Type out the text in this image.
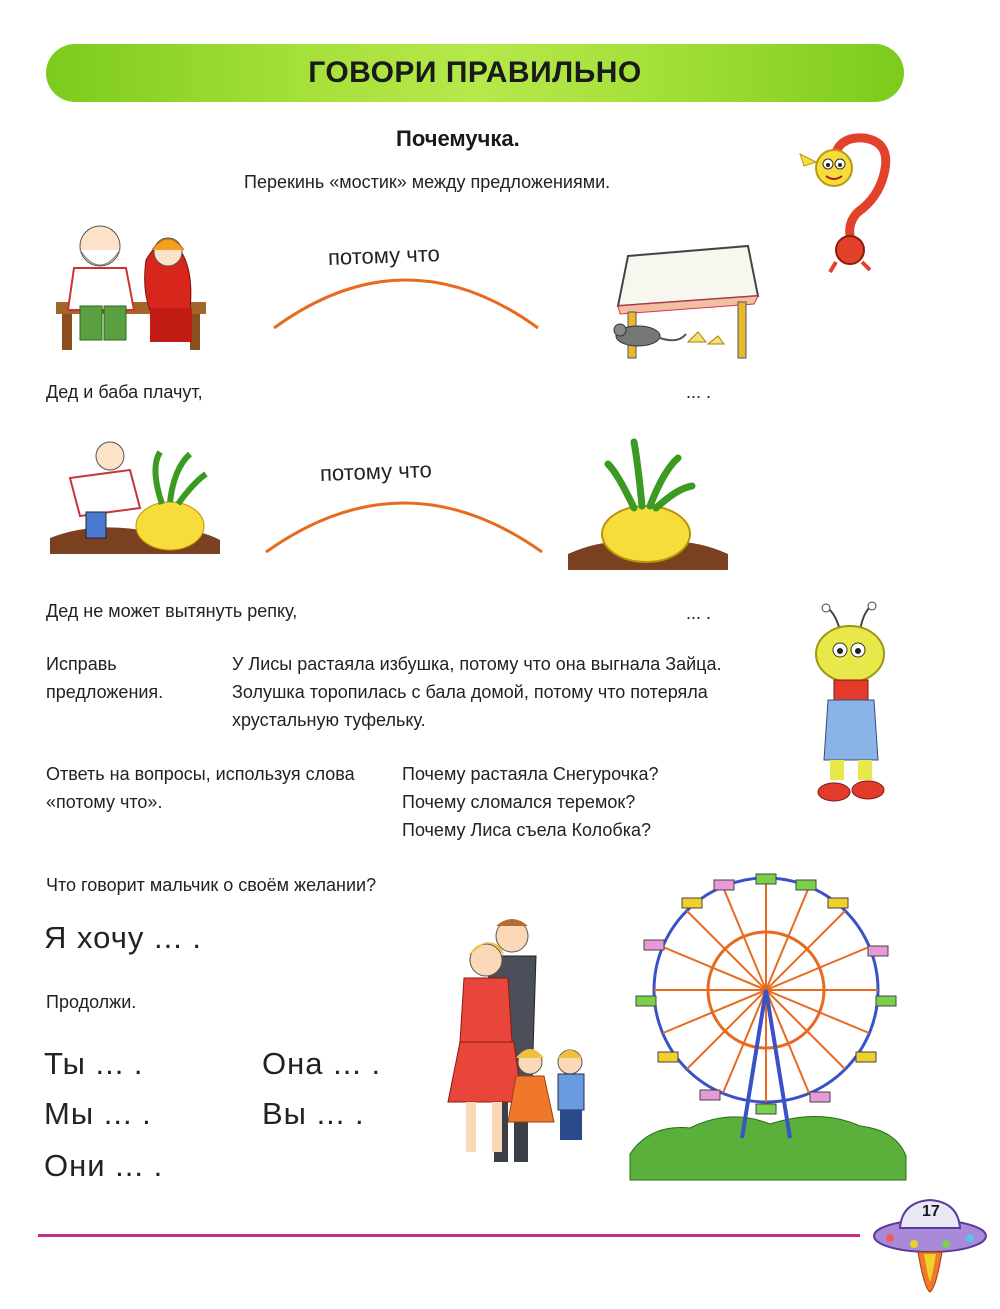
ГОВОРИ ПРАВИЛЬНО
Почемучка.
Перекинь «мостик» между предложениями.
потому что
Дед и баба плачут,	... .
потому что
Дед не может вытянуть репку,	... .
Исправь
предложения.
У Лисы растаяла избушка, потому что она выгнала Зайца. Золушка торопилась с бала домой, потому что потеряла хрустальную туфельку.
Ответь на вопросы, используя слова «потому что».
Почему растаяла Снегурочка?
Почему сломался теремок?
Почему Лиса съела Колобка?
Что говорит мальчик о своём желании?
Я хочу ... .
Продолжи.
Ты ... .	Она ... .
Мы ... .	Вы ... .
Они ... .
17
